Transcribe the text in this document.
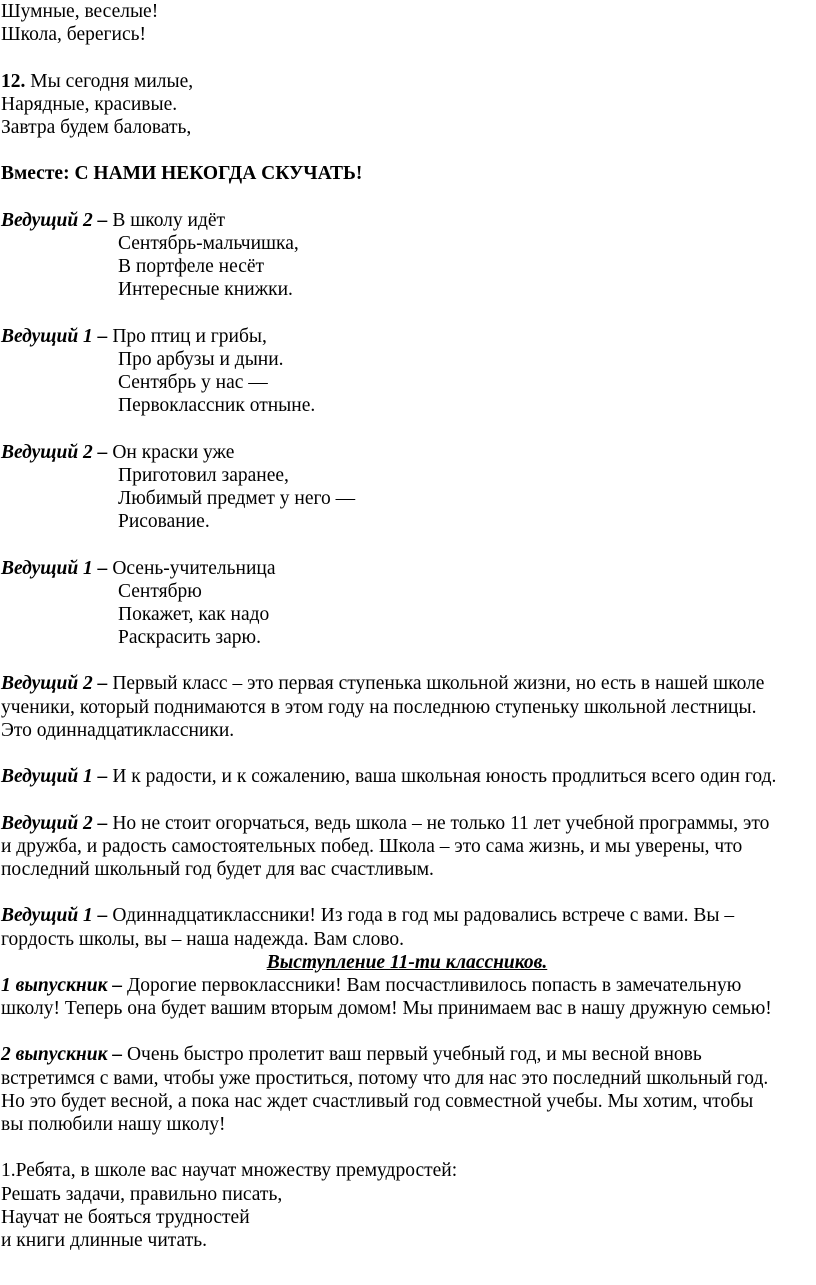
Шумные, веселые!
Школа, берегись!
12. Мы сегодня милые,
Нарядные, красивые.
Завтра будем баловать,
Вместе: С НАМИ НЕКОГДА СКУЧАТЬ!
Ведущий 2 – В школу идёт
Сентябрь-мальчишка,
В портфеле несёт
Интересные книжки.
Ведущий 1 – Про птиц и грибы,
Про арбузы и дыни.
Сентябрь у нас —
Первоклассник отныне.
Ведущий 2 – Он краски уже
Приготовил заранее,
Любимый предмет у него —
Рисование.
Ведущий 1 – Осень-учительница
Сентябрю
Покажет, как надо
Раскрасить зарю.
Ведущий 2 – Первый класс – это первая ступенька школьной жизни, но есть в нашей школе
ученики, который поднимаются в этом году на последнюю ступеньку школьной лестницы.
Это одиннадцатиклассники.
Ведущий 1 – И к радости, и к сожалению, ваша школьная юность продлиться всего один год.
Ведущий 2 – Но не стоит огорчаться, ведь школа – не только 11 лет учебной программы, это
и дружба, и радость самостоятельных побед. Школа – это сама жизнь, и мы уверены, что
последний школьный год будет для вас счастливым.
Ведущий 1 – Одиннадцатиклассники! Из года в год мы радовались встрече с вами. Вы –
гордость школы, вы – наша надежда. Вам слово.
Выступление 11-ти классников.
1 выпускник – Дорогие первоклассники! Вам посчастливилось попасть в замечательную
школу! Теперь она будет вашим вторым домом! Мы принимаем вас в нашу дружную семью!
2 выпускник – Очень быстро пролетит ваш первый учебный год, и мы весной вновь
встретимся с вами, чтобы уже проститься, потому что для нас это последний школьный год.
Но это будет весной, а пока нас ждет счастливый год совместной учебы. Мы хотим, чтобы
вы полюбили нашу школу!
1.Ребята, в школе вас научат множеству премудростей:
Решать задачи, правильно писать,
Научат не бояться трудностей
и книги длинные читать.
